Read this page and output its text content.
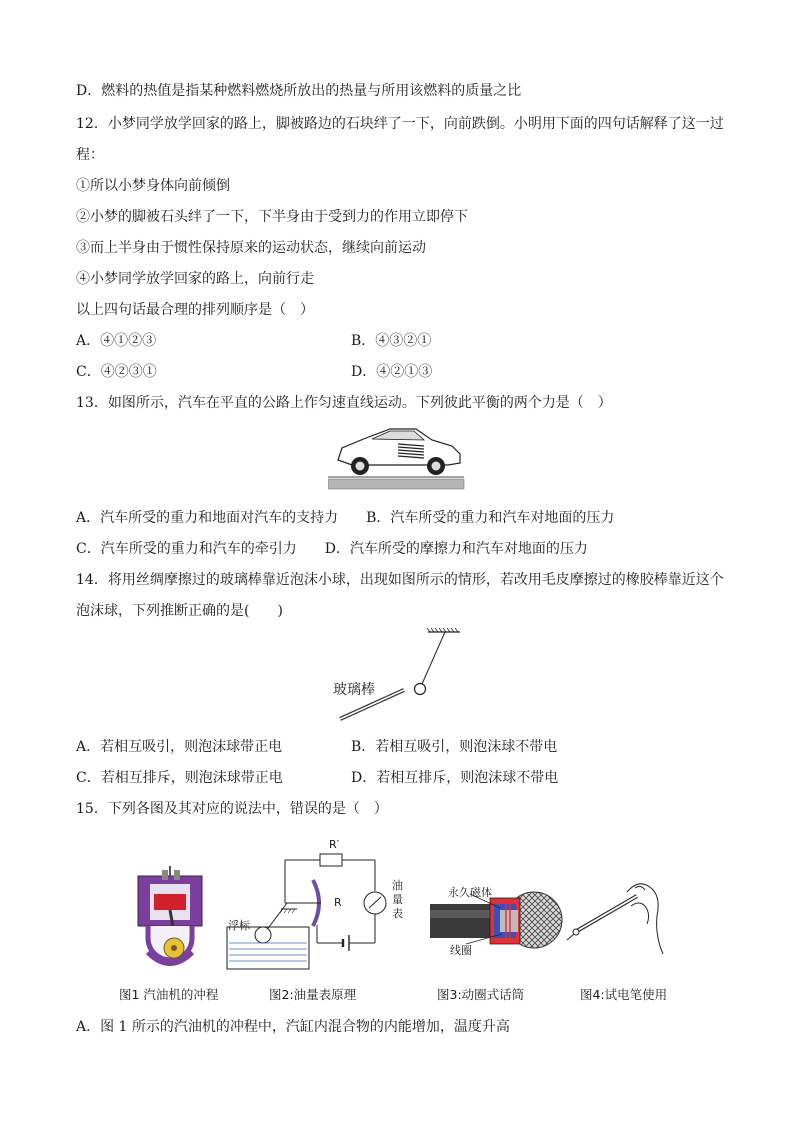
D．燃料的热值是指某种燃料燃烧所放出的热量与所用该燃料的质量之比
12．小梦同学放学回家的路上，脚被路边的石块绊了一下，向前跌倒。小明用下面的四句话解释了这一过
程：
①所以小梦身体向前倾倒
②小梦的脚被石头绊了一下，下半身由于受到力的作用立即停下
③而上半身由于惯性保持原来的运动状态，继续向前运动
④小梦同学放学回家的路上，向前行走
以上四句话最合理的排列顺序是（　）
A．④①②③	B．④③②①
C．④②③①	D．④②①③
13．如图所示，汽车在平直的公路上作匀速直线运动。下列彼此平衡的两个力是（　）
A．汽车所受的重力和地面对汽车的支持力　　B．汽车所受的重力和汽车对地面的压力
C．汽车所受的重力和汽车的牵引力　　D．汽车所受的摩擦力和汽车对地面的压力
14．将用丝绸摩擦过的玻璃棒靠近泡沫小球，出现如图所示的情形，若改用毛皮摩擦过的橡胶棒靠近这个
泡沫球，下列推断正确的是(　　)
玻璃棒
A．若相互吸引，则泡沫球带正电	B．若相互吸引，则泡沫球不带电
C．若相互排斥，则泡沫球带正电	D．若相互排斥，则泡沫球不带电
15．下列各图及其对应的说法中，错误的是（　）
R′
R
浮标
油
量
表
永久磁体
线圈
图1 汽油机的冲程	图2:油量表原理	图3:动圈式话筒	图4:试电笔使用
A．图 1 所示的汽油机的冲程中，汽缸内混合物的内能增加，温度升高
